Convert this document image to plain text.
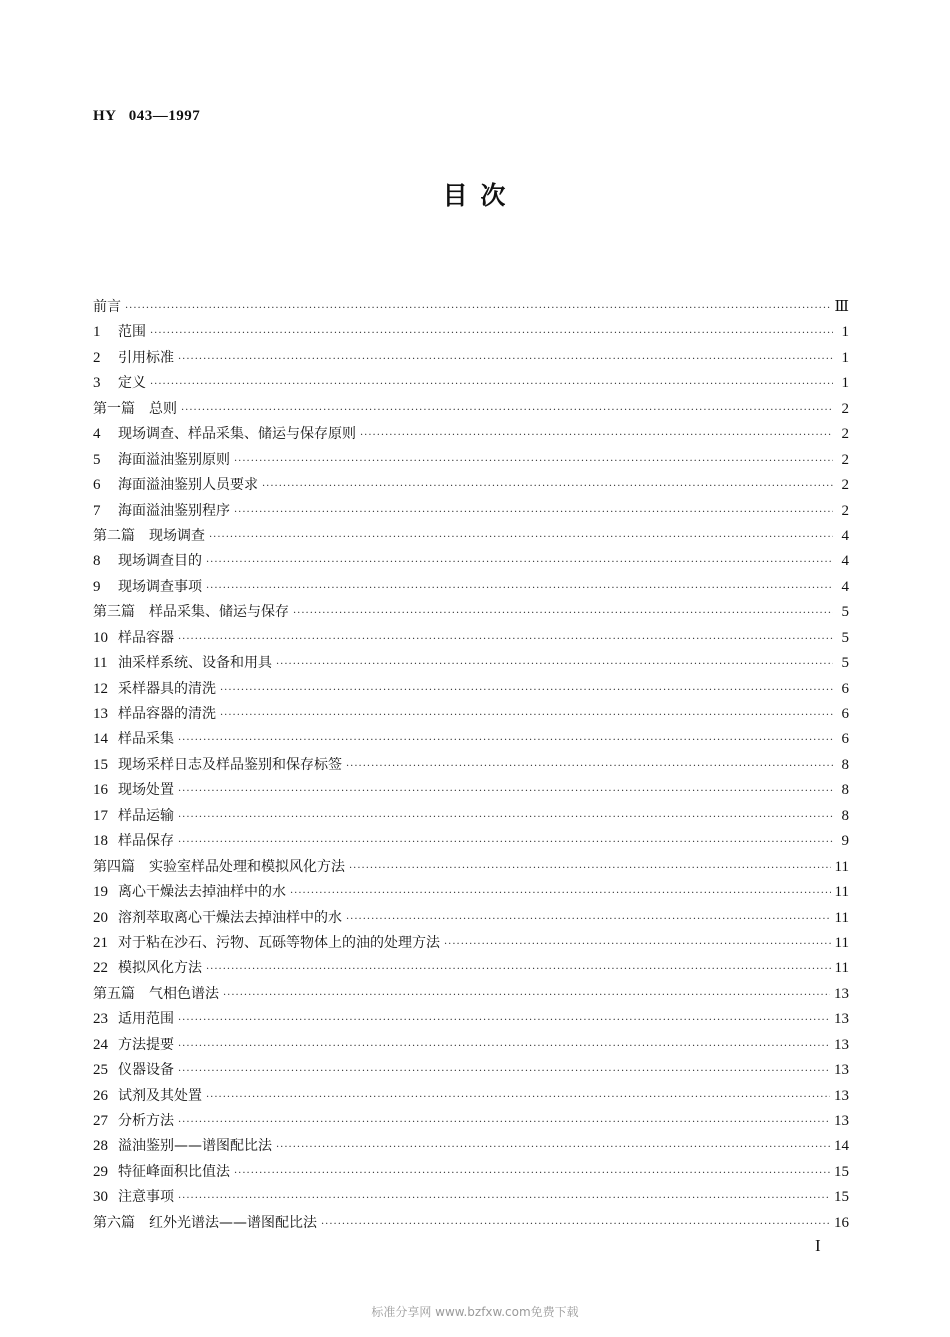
HY   043—1997
目 次
前言 ·····	Ⅲ
1	范围 ·····	1
2	引用标准 ·····	1
3	定义 ·····	1
第一篇　总则 ·····	2
4	现场调查、样品采集、储运与保存原则 ·····	2
5	海面溢油鉴别原则 ·····	2
6	海面溢油鉴别人员要求 ·····	2
7	海面溢油鉴别程序 ·····	2
第二篇　现场调查 ·····	4
8	现场调查目的 ·····	4
9	现场调查事项 ·····	4
第三篇　样品采集、储运与保存 ·····	5
10 样品容器 ·····	5
11 油采样系统、设备和用具 ·····	5
12 采样器具的清洗 ·····	6
13 样品容器的清洗 ·····	6
14 样品采集 ·····	6
15 现场采样日志及样品鉴别和保存标签 ·····	8
16 现场处置 ·····	8
17 样品运输 ·····	8
18 样品保存 ·····	9
第四篇　实验室样品处理和模拟风化方法 ·····	11
19 离心干燥法去掉油样中的水 ·····	11
20 溶剂萃取离心干燥法去掉油样中的水 ·····	11
21 对于粘在沙石、污物、瓦砾等物体上的油的处理方法 ·····	11
22 模拟风化方法 ·····	11
第五篇　气相色谱法 ·····	13
23 适用范围 ·····	13
24 方法提要 ·····	13
25 仪器设备 ·····	13
26 试剂及其处置 ·····	13
27 分析方法 ·····	13
28 溢油鉴别——谱图配比法 ·····	14
29 特征峰面积比值法 ·····	15
30 注意事项 ·····	15
第六篇　红外光谱法——谱图配比法 ·····	16
I
标准分享网 www.bzfxw.com免费下载
